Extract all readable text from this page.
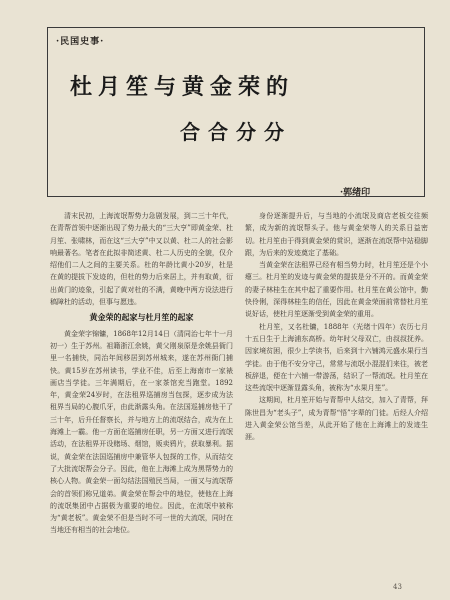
·民国史事·
杜月笙与黄金荣的
合合分分
·郭绪印

清末民初，上海流氓帮势力急剧发展，到二三十年代，在青帮首领中逐渐出现了势力最大的“三大亨”即黄金荣、杜月笙、张啸林，而在这“三大亨”中又以黄、杜二人的社会影响最著名。笔者在此拟非简述黄、杜二人历史的全貌，仅介绍他们二人之间的主要关系。杜的年龄比黄小20岁，杜是在黄的提拔下发迹的，但杜的势力后来居上，并有取黄，衍出黄门的迹象，引起了黄对杜的不满，黄晚中两方设法进行稿障杜的活动，但事与愿违。

黄金荣的起家与杜月笙的起家

黄金荣字锦镛，1868年12月14日（清同治七年十一月初一）生于苏州。祖籍浙江余姚，黄父刚泉原是余姚县衙门里一名捕快，同治年间移居到苏州城来，遂在苏州衙门捕快。黄15岁在苏州读书，学业不佳，后至上海南市一家裱画店当学徒。三年满期后，在一家茶馆充当跑堂。1892年，黄金荣24岁时，在法租界巡捕房当包探，逐步成为法租界当局的心腹爪牙，由此渐露头角。在法国巡捕房他干了三十年，后升任督察长，并与地方上的流氓结合，成为在上海滩上一霸。他一方面在巡捕房任职，另一方面又进行流氓活动，在法租界开设赌场、烟馆，贩卖鸦片，获取暴利。据说，黄金荣在法国巡捕房中兼管华人包探的工作，从而结交了大批流氓帮会分子。因此，他在上海滩上成为黑帮势力的核心人物。黄金荣一面勾结法国殖民当局，一面又与流氓帮会的首领们称兄道弟。黄金荣在帮会中的地位，使他在上海的流氓集团中占据极为重要的地位。因此，在流氓中被称为“黄老板”。黄金荣不但是当时不可一世的大流氓，同时在当地还有相当的社会地位。

身份逐渐提升后，与当地的小流氓及商店老板交往频繁，成为新的流氓帮头子。他与黄金荣等人的关系日益密切。杜月笙由于得到黄金荣的赏识，逐渐在流氓帮中站稳脚跟，为后来的发迹奠定了基础。

当黄金荣在法租界已经有相当势力时，杜月笙还是个小瘪三。杜月笙的发迹与黄金荣的提拔是分不开的。而黄金荣的妻子林桂生在其中起了重要作用。杜月笙在黄公馆中，勤快伶俐，深得林桂生的信任，因此在黄金荣面前常替杜月笙说好话，使杜月笙逐渐受到黄金荣的重用。

杜月笙，又名杜镛，1888年（光绪十四年）农历七月十五日生于上海浦东高桥。幼年时父母双亡，由叔叔抚养。因家境贫困，很少上学读书，后来到十六铺鸿元盛水果行当学徒。由于他不安分守己，常常与流氓小混混们来往，被老板辞退，便在十六铺一带游荡，结识了一帮流氓。杜月笙在这些流氓中逐渐显露头角，被称为“水果月笙”。

这期间，杜月笙开始与青帮中人结交，加入了青帮，拜陈世昌为“老头子”，成为青帮“悟”字辈的门徒。后经人介绍进入黄金荣公馆当差，从此开始了他在上海滩上的发迹生涯。

43
